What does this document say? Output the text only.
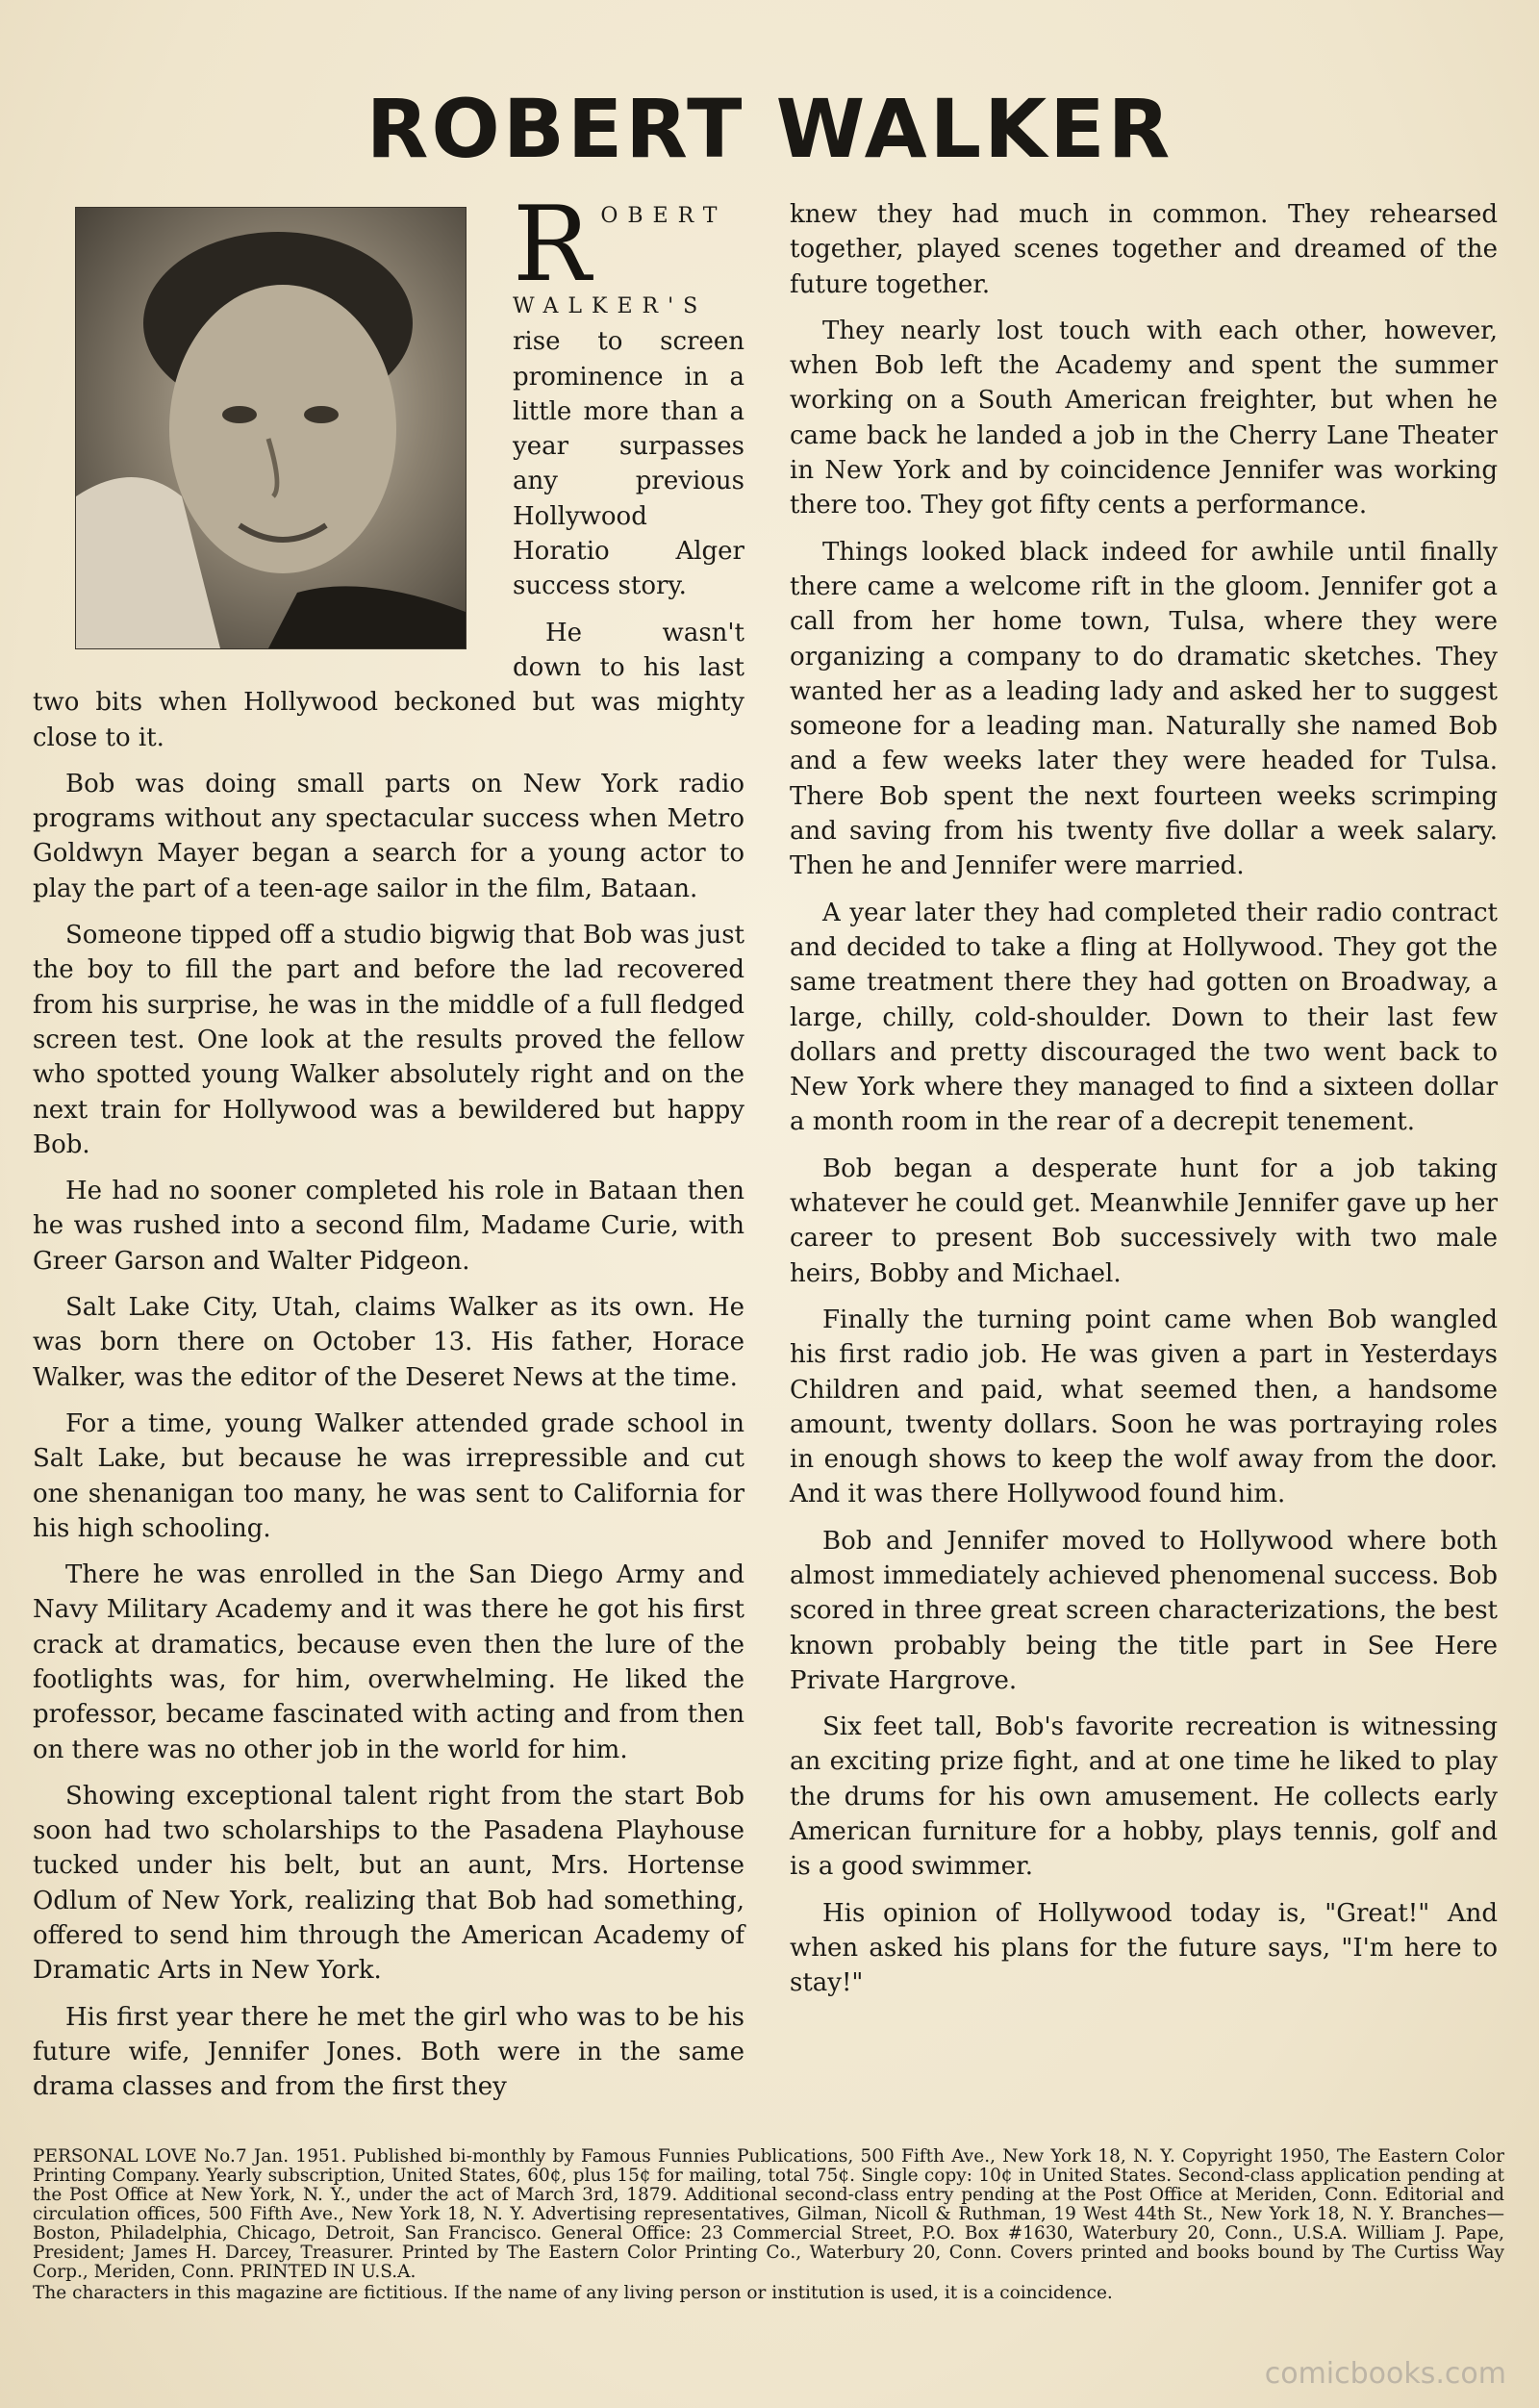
ROBERT WALKER

ROBERT WALKER'S rise to screen prominence in a little more than a year surpasses any previous Hollywood Horatio Alger success story.

He wasn't down to his last two bits when Hollywood beckoned but was mighty close to it.

Bob was doing small parts on New York radio programs without any spectacular success when Metro Goldwyn Mayer began a search for a young actor to play the part of a teen-age sailor in the film, Bataan.

Someone tipped off a studio bigwig that Bob was just the boy to fill the part and before the lad recovered from his surprise, he was in the middle of a full fledged screen test. One look at the results proved the fellow who spotted young Walker absolutely right and on the next train for Hollywood was a bewildered but happy Bob.

He had no sooner completed his role in Bataan then he was rushed into a second film, Madame Curie, with Greer Garson and Walter Pidgeon.

Salt Lake City, Utah, claims Walker as its own. He was born there on October 13. His father, Horace Walker, was the editor of the Deseret News at the time.

For a time, young Walker attended grade school in Salt Lake, but because he was irrepressible and cut one shenanigan too many, he was sent to California for his high schooling.

There he was enrolled in the San Diego Army and Navy Military Academy and it was there he got his first crack at dramatics, because even then the lure of the footlights was, for him, overwhelming. He liked the professor, became fascinated with acting and from then on there was no other job in the world for him.

Showing exceptional talent right from the start Bob soon had two scholarships to the Pasadena Playhouse tucked under his belt, but an aunt, Mrs. Hortense Odlum of New York, realizing that Bob had something, offered to send him through the American Academy of Dramatic Arts in New York.

His first year there he met the girl who was to be his future wife, Jennifer Jones. Both were in the same drama classes and from the first they

knew they had much in common. They rehearsed together, played scenes together and dreamed of the future together.

They nearly lost touch with each other, however, when Bob left the Academy and spent the summer working on a South American freighter, but when he came back he landed a job in the Cherry Lane Theater in New York and by coincidence Jennifer was working there too. They got fifty cents a performance.

Things looked black indeed for awhile until finally there came a welcome rift in the gloom. Jennifer got a call from her home town, Tulsa, where they were organizing a company to do dramatic sketches. They wanted her as a leading lady and asked her to suggest someone for a leading man. Naturally she named Bob and a few weeks later they were headed for Tulsa. There Bob spent the next fourteen weeks scrimping and saving from his twenty five dollar a week salary. Then he and Jennifer were married.

A year later they had completed their radio contract and decided to take a fling at Hollywood. They got the same treatment there they had gotten on Broadway, a large, chilly, cold-shoulder. Down to their last few dollars and pretty discouraged the two went back to New York where they managed to find a sixteen dollar a month room in the rear of a decrepit tenement.

Bob began a desperate hunt for a job taking whatever he could get. Meanwhile Jennifer gave up her career to present Bob successively with two male heirs, Bobby and Michael.

Finally the turning point came when Bob wangled his first radio job. He was given a part in Yesterdays Children and paid, what seemed then, a handsome amount, twenty dollars. Soon he was portraying roles in enough shows to keep the wolf away from the door. And it was there Hollywood found him.

Bob and Jennifer moved to Hollywood where both almost immediately achieved phenomenal success. Bob scored in three great screen characterizations, the best known probably being the title part in See Here Private Hargrove.

Six feet tall, Bob's favorite recreation is witnessing an exciting prize fight, and at one time he liked to play the drums for his own amusement. He collects early American furniture for a hobby, plays tennis, golf and is a good swimmer.

His opinion of Hollywood today is, "Great!" And when asked his plans for the future says, "I'm here to stay!"

PERSONAL LOVE No.7 Jan. 1951. Published bi-monthly by Famous Funnies Publications, 500 Fifth Ave., New York 18, N. Y. Copyright 1950, The Eastern Color Printing Company. Yearly subscription, United States, 60¢, plus 15¢ for mailing, total 75¢. Single copy: 10¢ in United States. Second-class application pending at the Post Office at New York, N. Y., under the act of March 3rd, 1879. Additional second-class entry pending at the Post Office at Meriden, Conn. Editorial and circulation offices, 500 Fifth Ave., New York 18, N. Y. Advertising representatives, Gilman, Nicoll & Ruthman, 19 West 44th St., New York 18, N. Y. Branches—Boston, Philadelphia, Chicago, Detroit, San Francisco. General Office: 23 Commercial Street, P.O. Box #1630, Waterbury 20, Conn., U.S.A. William J. Pape, President; James H. Darcey, Treasurer. Printed by The Eastern Color Printing Co., Waterbury 20, Conn. Covers printed and books bound by The Curtiss Way Corp., Meriden, Conn. PRINTED IN U.S.A.

The characters in this magazine are fictitious. If the name of any living person or institution is used, it is a coincidence.

comicbooks.com
